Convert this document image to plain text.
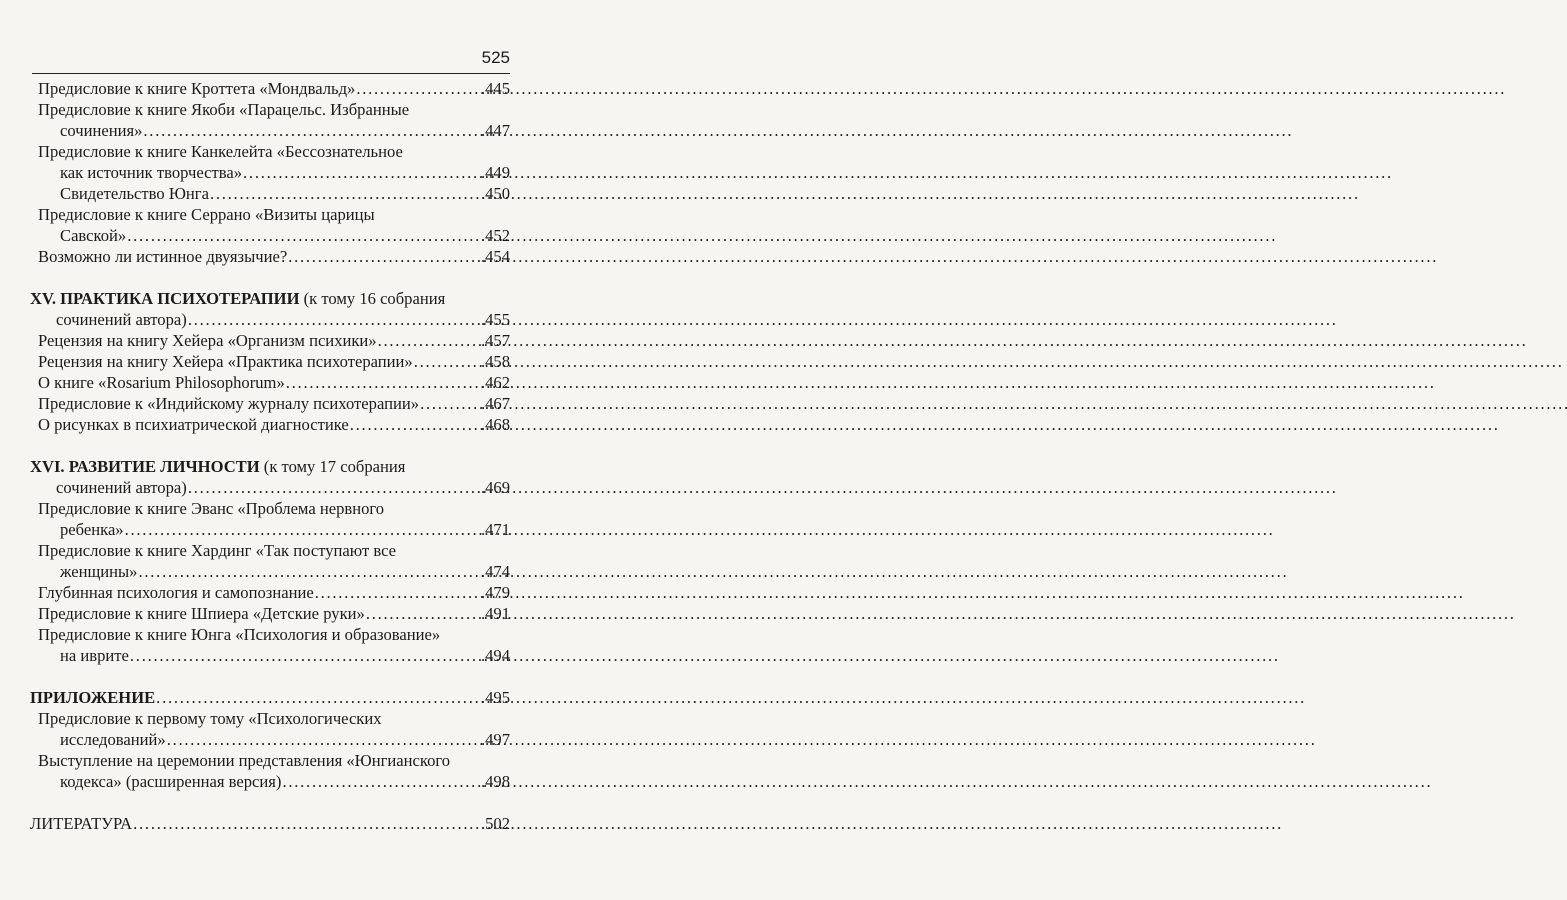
525
Предисловие к книге Кроттета «Мондвальд» . . .	.445
Предисловие к книге Якоби «Парацельс. Избранные
сочинения» . . .	.447
Предисловие к книге Канкелейта «Бессознательное
как источник творчества» . . .	.449
Свидетельство Юнга . . .	.450
Предисловие к книге Серрано «Визиты царицы
Савской» . . .	.452
Возможно ли истинное двуязычие? . . .	.454
XV. ПРАКТИКА ПСИХОТЕРАПИИ (к тому 16 собрания
сочинений автора) . . .	.455
Рецензия на книгу Хейера «Организм психики» . . .	.457
Рецензия на книгу Хейера «Практика психотерапии» . . .	.458
О книге «Rosarium Philosophorum» . . .	.462
Предисловие к «Индийскому журналу психотерапии» . . .	.467
О рисунках в психиатрической диагностике . . .	.468
XVI. РАЗВИТИЕ ЛИЧНОСТИ (к тому 17 собрания
сочинений автора) . . .	.469
Предисловие к книге Эванс «Проблема нервного
ребенка» . . .	.471
Предисловие к книге Хардинг «Так поступают все
женщины» . . .	.474
Глубинная психология и самопознание . . .	.479
Предисловие к книге Шпиера «Детские руки» . . .	.491
Предисловие к книге Юнга «Психология и образование»
на иврите . . .	.494
ПРИЛОЖЕНИЕ . . .	.495
Предисловие к первому тому «Психологических
исследований» . . .	.497
Выступление на церемонии представления «Юнгианского
кодекса» (расширенная версия) . . .	.498
ЛИТЕРАТУРА . . .	.502
